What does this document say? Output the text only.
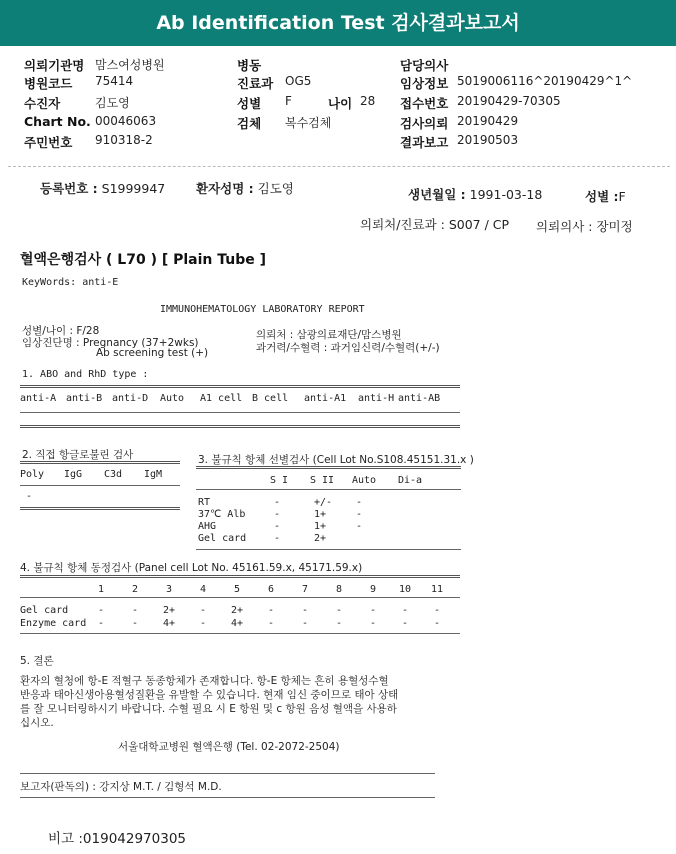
Ab Identification Test 검사결과보고서
의뢰기관명 맘스여성병원
병원코드 75414
수진자	김도영
Chart No. 00046063
주민번호 910318-2
병동
진료과 OG5
성별 F	나이 28
검체 복수검체
담당의사
임상정보 5019006116^20190429^1^
접수번호 20190429-70305
검사의뢰 20190429
결과보고 20190503
등록번호 : S1999947 환자성명 : 김도영	생년월일 : 1991-03-18	성별 :F
의뢰처/진료과 : S007 / CP 의뢰의사 : 장미정
혈액은행검사 ( L70 ) [ Plain Tube ]
KeyWords: anti-E
IMMUNOHEMATOLOGY LABORATORY REPORT
성별/나이 : F/28
임상진단명 : Pregnancy (37+2wks)
Ab screening test (+)
의뢰처 : 삼광의료재단/맘스병원
과거력/수혈력 : 과거임신력/수혈력(+/-)
1. ABO and RhD type :
anti-A anti-B anti-D Auto A1 cell B cell anti-A1 anti-H anti-AB
2. 직접 항글로불린 검사
Poly IgG C3d IgM
-
3. 불규칙 항체 선별검사 (Cell Lot No.S108.45151.31.x )
S I S II Auto Di-a
RT	-	+/- -
37℃ Alb	-	1+	-
AHG	-	1+	-
Gel card	-	2+
4. 불규칙 항체 동정검사 (Panel cell Lot No. 45161.59.x, 45171.59.x)
1	2	3	4	5	6	7	8	9	10 11
Gel card	-	-	2+	-	2+	-	-	-	-	-	-
Enzyme card	-	-	4+	-	4+	-	-	-	-	-	-
5. 결론
환자의 혈청에 항-E 적혈구 동종항체가 존재합니다. 항-E 항체는 흔히 용혈성수혈
반응과 태아신생아용혈성질환을 유발할 수 있습니다. 현재 임신 중이므로 태아 상태
를 잘 모니터링하시기 바랍니다. 수혈 필요 시 E 항원 및 c 항원 음성 혈액을 사용하
십시오.
서울대학교병원 혈액은행 (Tel. 02-2072-2504)
보고자(판독의) : 강지상 M.T. / 김형석 M.D.
비고 :019042970305
